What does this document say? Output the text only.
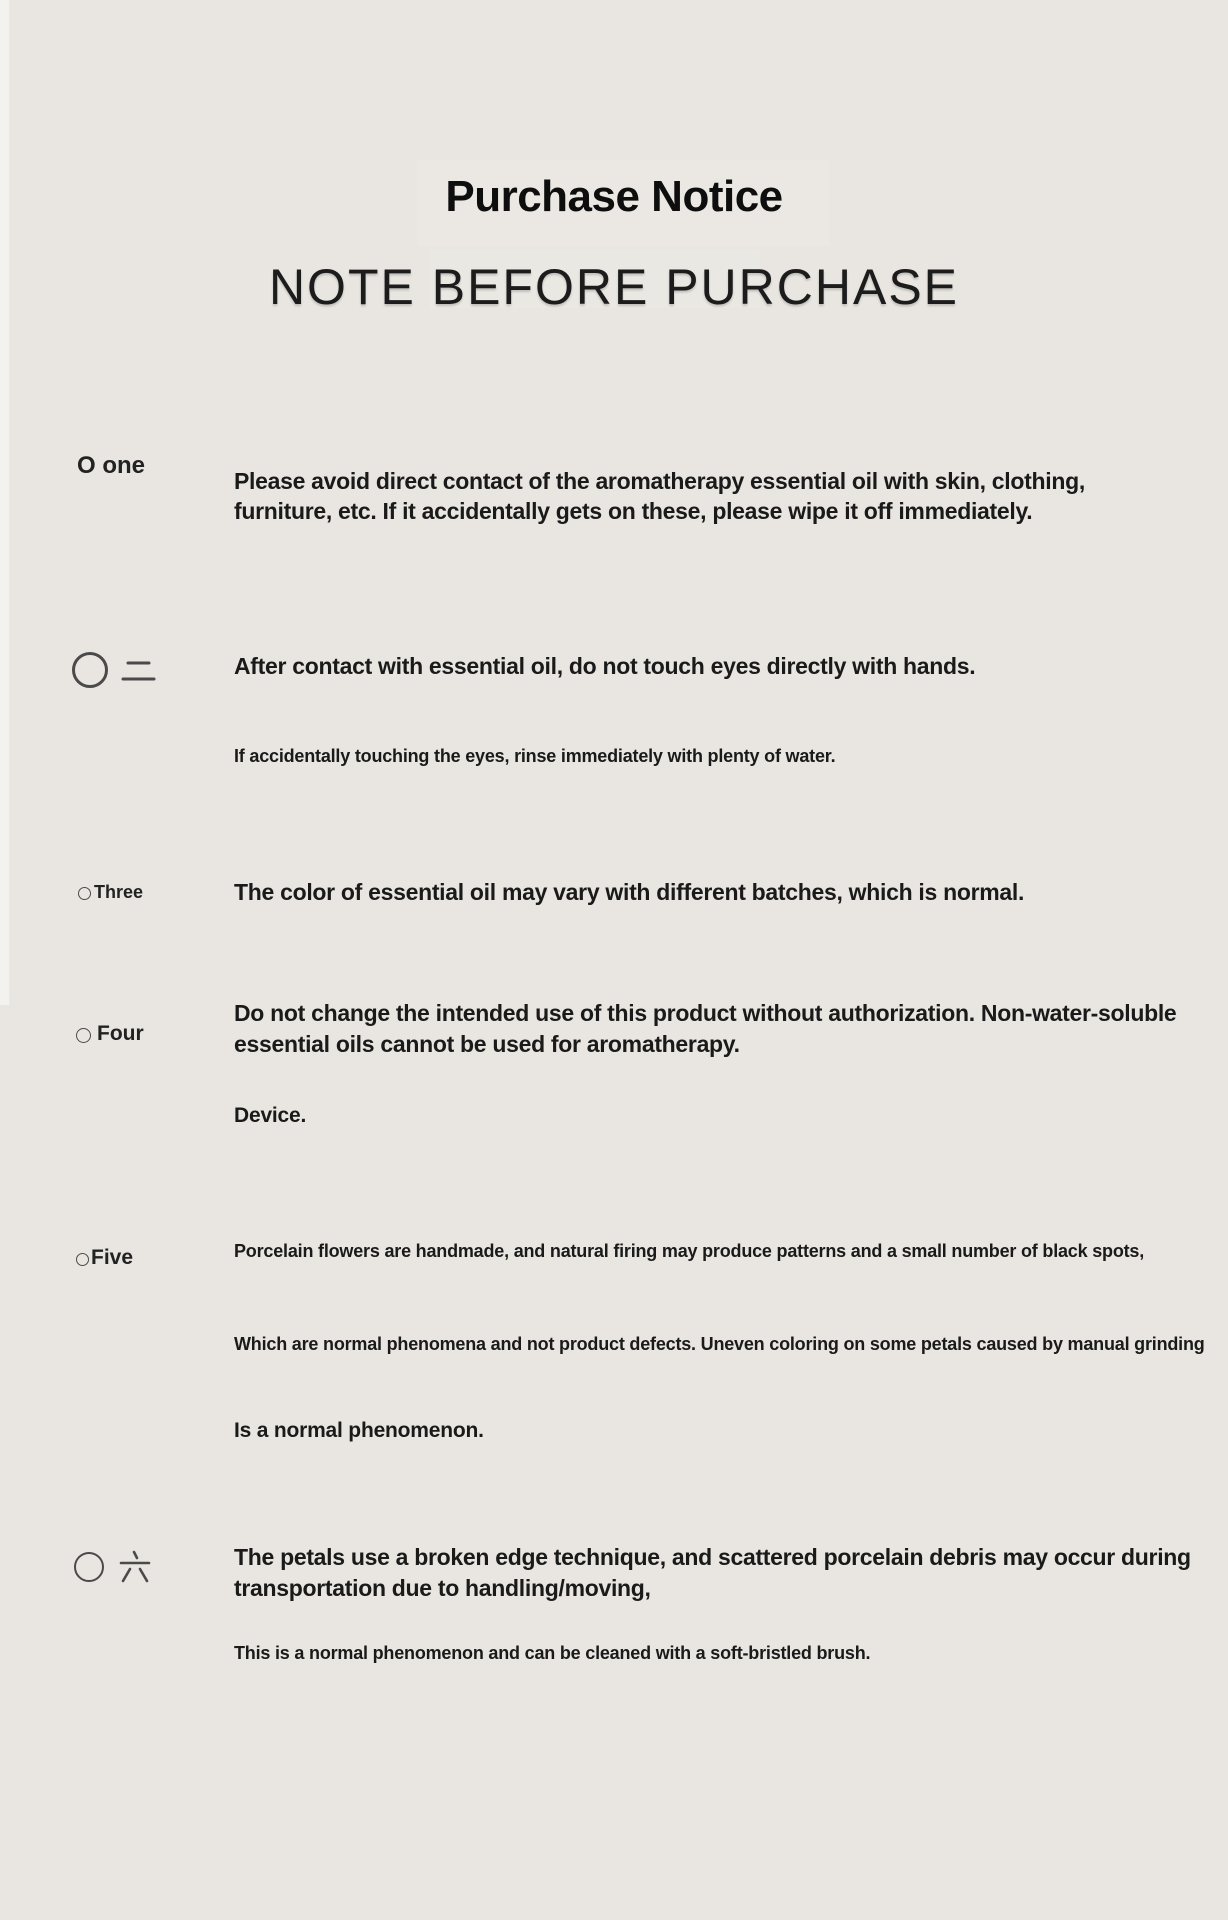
Purchase Notice
NOTE BEFORE PURCHASE
O one
Please avoid direct contact of the aromatherapy essential oil with skin, clothing,
furniture, etc. If it accidentally gets on these, please wipe it off immediately.
After contact with essential oil, do not touch eyes directly with hands.
If accidentally touching the eyes, rinse immediately with plenty of water.
Three	The color of essential oil may vary with different batches, which is normal.
Four
Do not change the intended use of this product without authorization. Non-water-soluble
essential oils cannot be used for aromatherapy.
Device.
Five	Porcelain flowers are handmade, and natural firing may produce patterns and a small number of black spots,
Which are normal phenomena and not product defects. Uneven coloring on some petals caused by manual grinding
Is a normal phenomenon.
The petals use a broken edge technique, and scattered porcelain debris may occur during
transportation due to handling/moving,
This is a normal phenomenon and can be cleaned with a soft-bristled brush.
